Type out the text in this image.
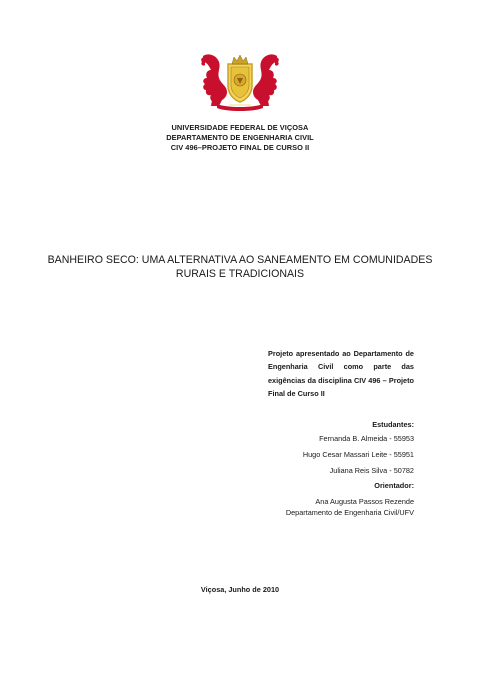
UNIVERSIDADE FEDERAL DE VIÇOSA
DEPARTAMENTO DE ENGENHARIA CIVIL
CIV 496–PROJETO FINAL DE CURSO II
BANHEIRO SECO: UMA ALTERNATIVA AO SANEAMENTO EM COMUNIDADES
RURAIS E TRADICIONAIS
Projeto apresentado ao Departamento de Engenharia Civil como parte das exigências da disciplina CIV 496 – Projeto Final de Curso II
Estudantes:
Fernanda B. Almeida - 55953
Hugo Cesar Massari Leite - 55951
Juliana Reis Silva - 50782
Orientador:
Ana Augusta Passos Rezende
Departamento de Engenharia Civil/UFV
Viçosa, Junho de 2010
